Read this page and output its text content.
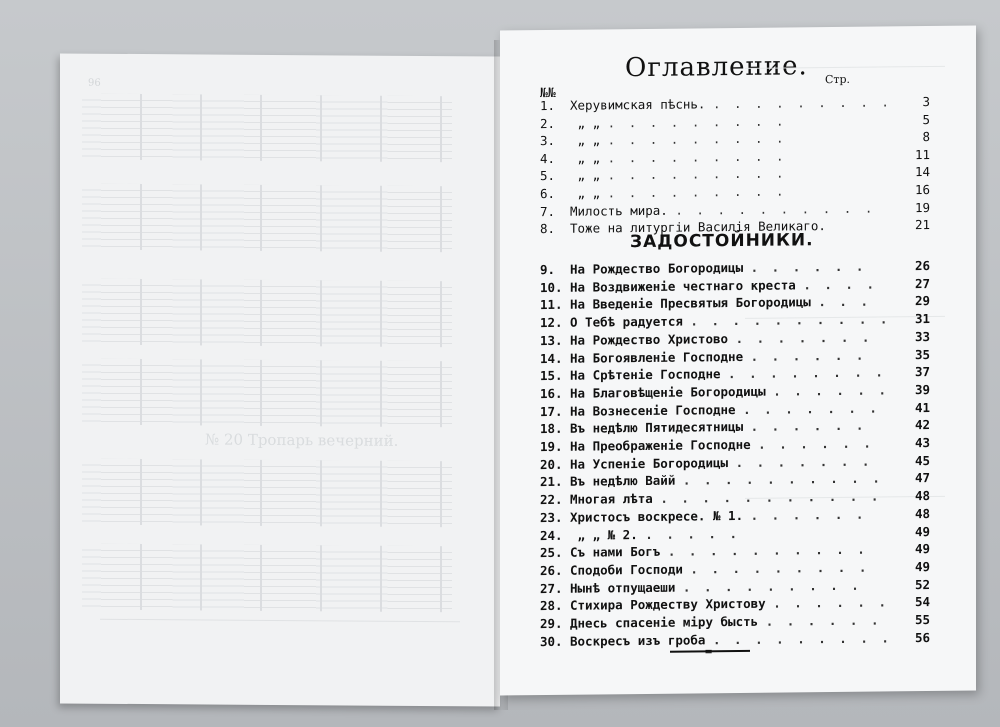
96
№ 20 Тропарь вечерний.
Оглавление. Стр.
№№
1. Херувимская пѣснь. . . . . . . . . . 3
2. „ „ . . . . . . . . .	5
3. „ „ . . . . . . . . .	8
4. „ „ . . . . . . . . .	11
5. „ „ . . . . . . . . .	14
6. „ „ . . . . . . . . .	16
7. Милость мира. . . . . . . . . . .	19
8. Тоже на литургіи Василія Великаго.	21
ЗАДОСТОЙНИКИ.
9. На Рождество Богородицы . . . . . .	26
10. На Воздвиженіе честнаго креста . . . .	27
11. На Введеніе Пресвятыя Богородицы . . .	29
12. О Тебѣ радуется . . . . . . . . . . 31
13. На Рождество Христово . . . . . . .	33
14. На Богоявленіе Господне . . . . . .	35
15. На Срѣтеніе Господне . . . . . . . . 37
16. На Благовѣщеніе Богородицы . . . . . . 39
17. На Вознесеніе Господне . . . . . . .	41
18. Въ недѣлю Пятидесятницы . . . . . .	42
19. На Преображеніе Господне . . . . . .	43
20. На Успеніе Богородицы . . . . . . .	45
21. Въ недѣлю Вайй . . . . . . . . . .	47
22. Многая лѣта . . . . . . . . . . .	48
23. Христосъ воскресе. № 1. . . . . . .	48
24. „ „ № 2. . . . . .	49
25. Съ нами Богъ . . . . . . . . . .	49
26. Сподоби Господи . . . . . . . . .	49
27. Нынѣ отпущаеши . . . . . . . . .	52
28. Стихира Рождеству Христову . . . . . . 54
29. Днесь спасеніе міру бысть . . . . . .	55
30. Воскресъ изъ гроба . . . . . . . . . 56
=
